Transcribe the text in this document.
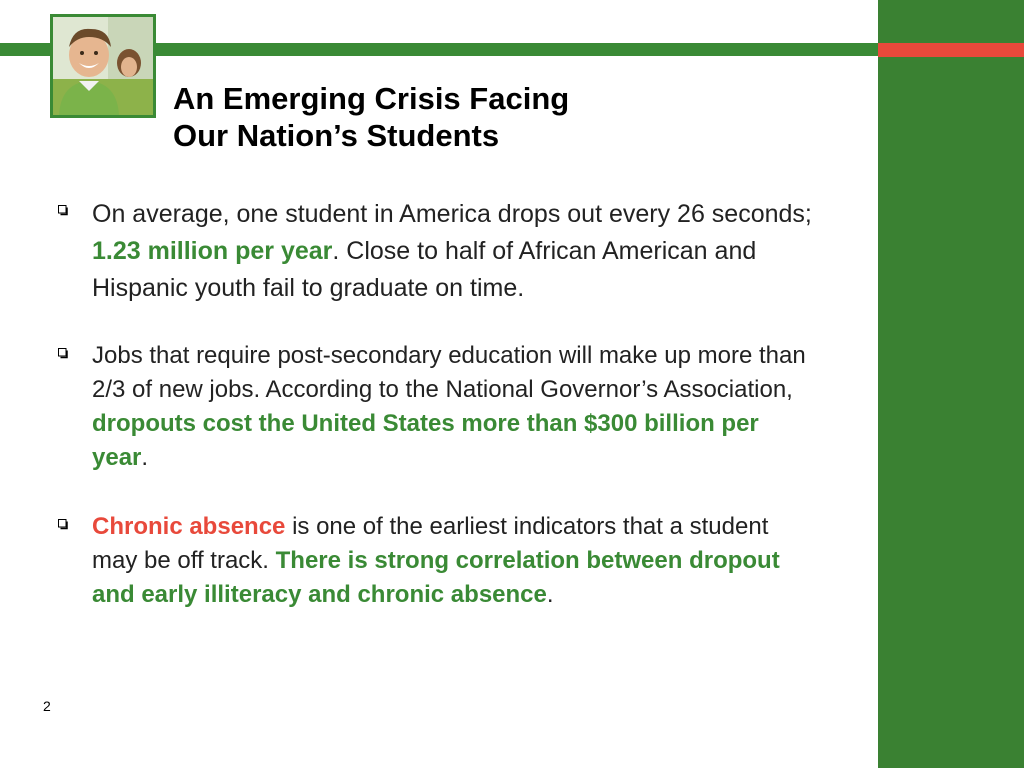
An Emerging Crisis Facing
Our Nation’s Students
On average, one student in America drops out every 26 seconds; 1.23 million per year. Close to half of African American and Hispanic youth fail to graduate on time.
Jobs that require post-secondary education will make up more than 2/3 of new jobs. According to the National Governor’s Association, dropouts cost the United States more than $300 billion per year.
Chronic absence is one of the earliest indicators that a student may be off track. There is strong correlation between dropout and early illiteracy and chronic absence.
2
